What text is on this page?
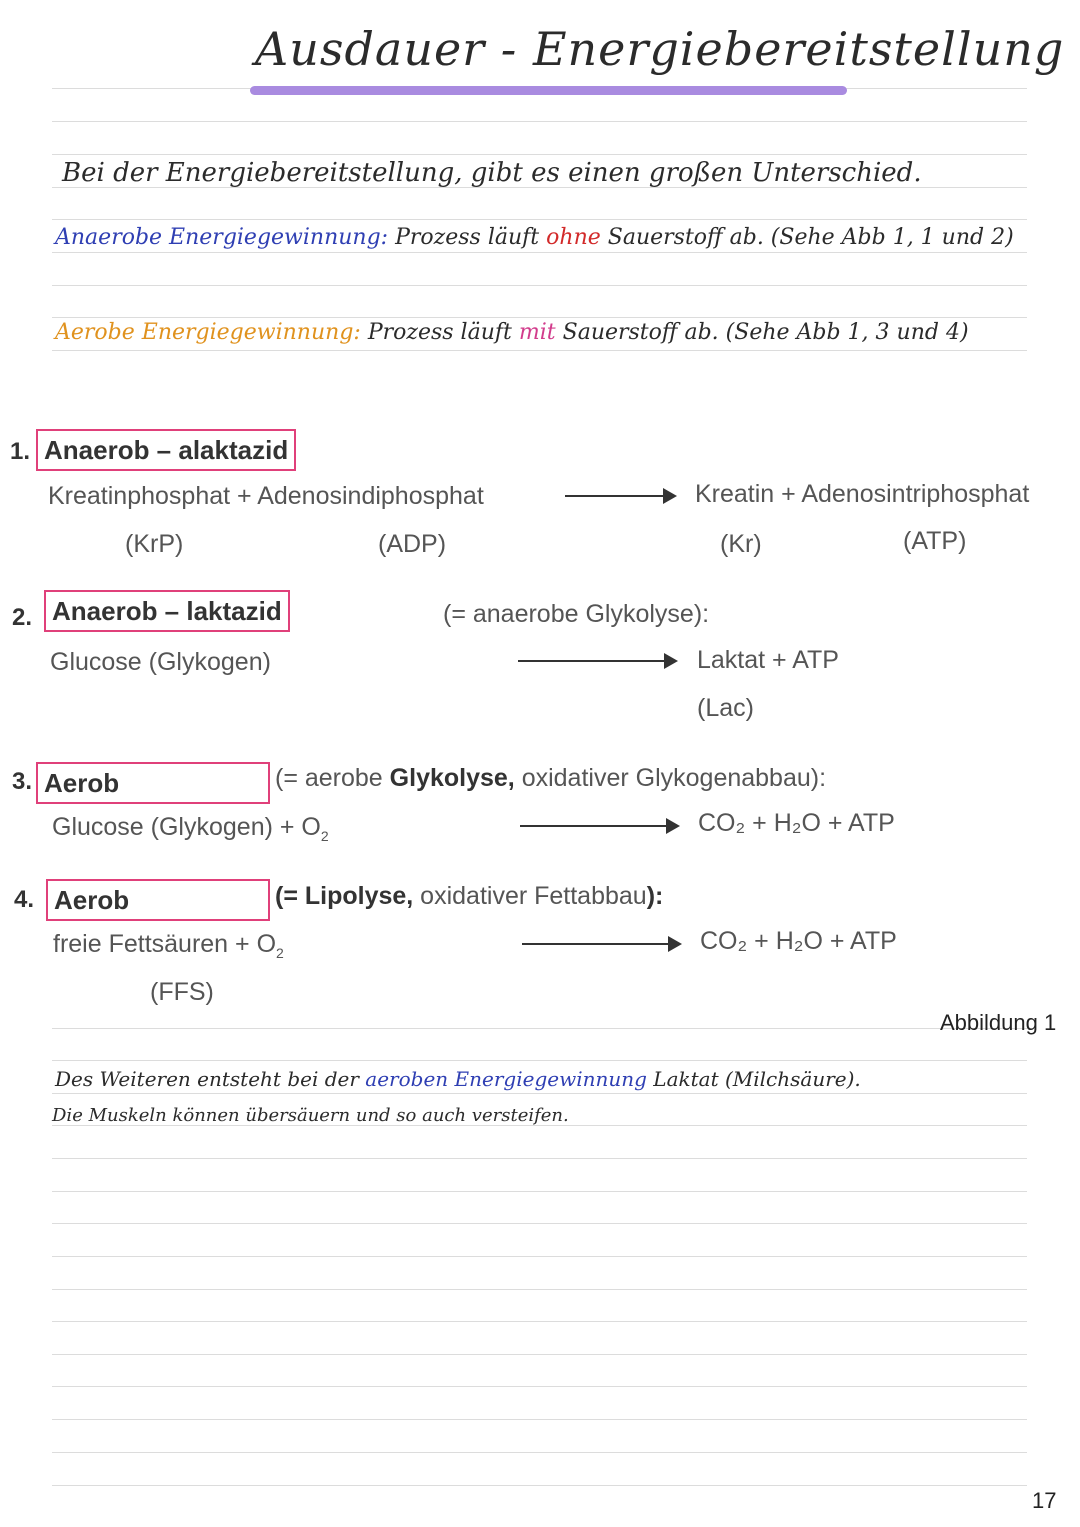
Ausdauer - Energiebereitstellung
Bei der Energiebereitstellung, gibt es einen großen Unterschied.
Anaerobe Energiegewinnung: Prozess läuft ohne Sauerstoff ab. (Sehe Abb 1, 1 und 2)
Aerobe Energiegewinnung: Prozess läuft mit Sauerstoff ab. (Sehe Abb 1, 3 und 4)
1. Anaerob – alaktazid
Kreatinphosphat + Adenosindiphosphat	Kreatin + Adenosintriphosphat
(KrP)	(ADP)	(Kr)	(ATP)
2. Anaerob – laktazid	(= anaerobe Glykolyse):
Glucose (Glykogen)	Laktat + ATP
(Lac)
3. Aerob	(= aerobe Glykolyse, oxidativer Glykogenabbau):
Glucose (Glykogen) + $O_2$	CO₂ + H₂O + ATP
4. Aerob	(= Lipolyse, oxidativer Fettabbau):
freie Fettsäuren + $O_2$	CO₂ + H₂O + ATP
(FFS)
Abbildung 1
Des Weiteren entsteht bei der aeroben Energiegewinnung Laktat (Milchsäure).
Die Muskeln können übersäuern und so auch versteifen.
17
